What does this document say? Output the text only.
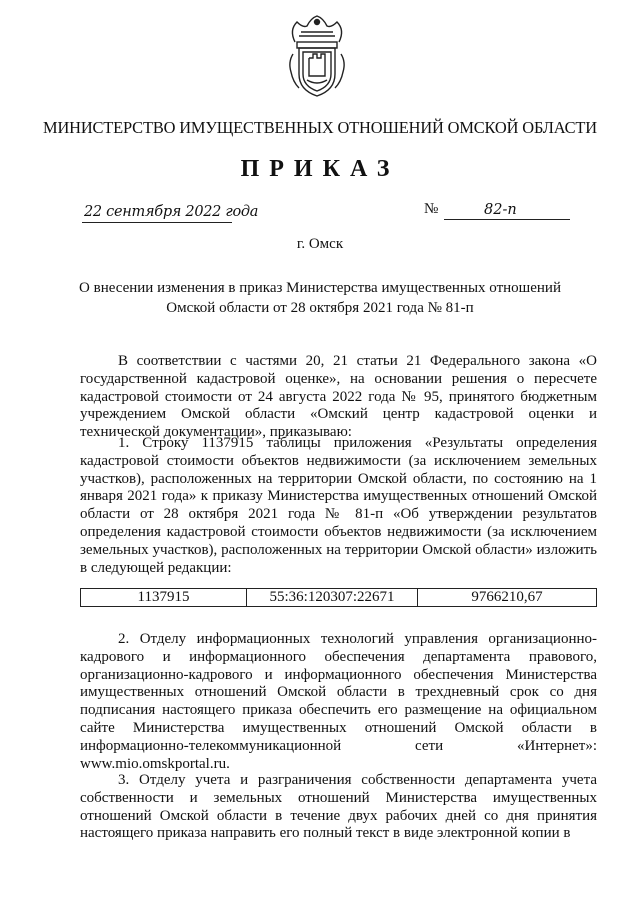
МИНИСТЕРСТВО ИМУЩЕСТВЕННЫХ ОТНОШЕНИЙ ОМСКОЙ ОБЛАСТИ
ПРИКАЗ
22 сентября 2022 года	№	82-п
г. Омск
О внесении изменения в приказ Министерства имущественных отношений
Омской области от 28 октября 2021 года № 81-п
В соответствии с частями 20, 21 статьи 21 Федерального закона «О государственной кадастровой оценке», на основании решения о пересчете кадастровой стоимости от 24 августа 2022 года № 95, принятого бюджетным учреждением Омской области «Омский центр кадастровой оценки и технической документации», приказываю:
1. Строку 1137915 таблицы приложения «Результаты определения кадастровой стоимости объектов недвижимости (за исключением земельных участков), расположенных на территории Омской области, по состоянию на 1 января 2021 года» к приказу Министерства имущественных отношений Омской области от 28 октября 2021 года № 81-п «Об утверждении результатов определения кадастровой стоимости объектов недвижимости (за исключением земельных участков), расположенных на территории Омской области» изложить в следующей редакции:
1137915	55:36:120307:22671	9766210,67
2. Отделу информационных технологий управления организационно-кадрового и информационного обеспечения департамента правового, организационно-кадрового и информационного обеспечения Министерства имущественных отношений Омской области в трехдневный срок со дня подписания настоящего приказа обеспечить его размещение на официальном сайте Министерства имущественных отношений Омской области в информационно-телекоммуникационной сети «Интернет»: www.mio.omskportal.ru.
3. Отделу учета и разграничения собственности департамента учета собственности и земельных отношений Министерства имущественных отношений Омской области в течение двух рабочих дней со дня принятия настоящего приказа направить его полный текст в виде электронной копии в
